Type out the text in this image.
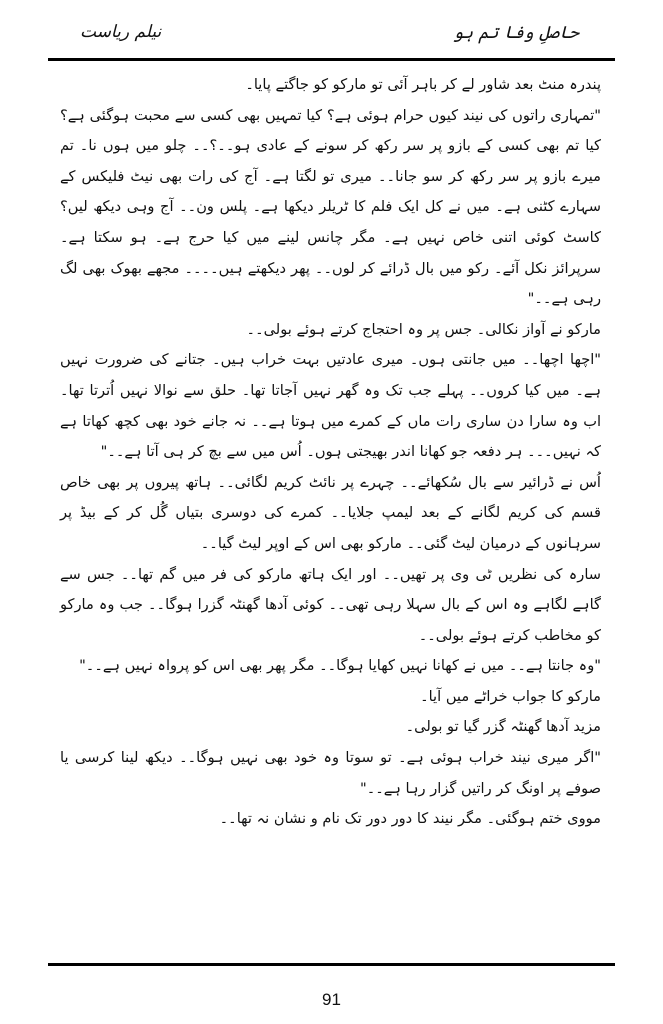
حاصلِ وفا تم ہو
نیلم ریاست

پندرہ منٹ بعد شاور لے کر باہر آئی تو مارکو کو جاگتے پایا۔

"تمہاری راتوں کی نیند کیوں حرام ہوئی ہے؟ کیا تمہیں بھی کسی سے محبت ہوگئی ہے؟ کیا تم بھی کسی کے بازو پر سر رکھ کر سونے کے عادی ہو۔۔؟۔۔ چلو میں ہوں نا۔ تم میرے بازو پر سر رکھ کر سو جانا۔۔ میری تو لگتا ہے۔ آج کی رات بھی نیٹ فلیکس کے سہارے کٹنی ہے۔ میں نے کل ایک فلم کا ٹریلر دیکھا ہے۔ پلس ون۔۔ آج وہی دیکھ لیں؟ کاسٹ کوئی اتنی خاص نہیں ہے۔ مگر چانس لینے میں کیا حرج ہے۔ ہو سکتا ہے۔ سرپرائز نکل آئے۔ رکو میں بال ڈرائے کر لوں۔۔ پھر دیکھتے ہیں۔۔۔۔ مجھے بھوک بھی لگ رہی ہے۔۔"

مارکو نے آواز نکالی۔ جس پر وہ احتجاج کرتے ہوئے بولی۔۔

"اچھا اچھا۔۔ میں جانتی ہوں۔ میری عادتیں بہت خراب ہیں۔ جتانے کی ضرورت نہیں ہے۔ میں کیا کروں۔۔ پہلے جب تک وہ گھر نہیں آجاتا تھا۔ حلق سے نوالا نہیں اُترتا تھا۔ اب وہ سارا دن ساری رات ماں کے کمرے میں ہوتا ہے۔۔ نہ جانے خود بھی کچھ کھاتا ہے کہ نہیں۔۔۔ ہر دفعہ جو کھانا اندر بھیجتی ہوں۔ اُس میں سے بچ کر ہی آتا ہے۔۔"

اُس نے ڈرائیر سے بال سُکھائے۔۔ چہرے پر نائٹ کریم لگائی۔۔ ہاتھ پیروں پر بھی خاص قسم کی کریم لگانے کے بعد لیمپ جلایا۔۔ کمرے کی دوسری بتیاں گُل کر کے بیڈ پر سرہانوں کے درمیان لیٹ گئی۔۔ مارکو بھی اس کے اوپر لیٹ گیا۔۔

سارہ کی نظریں ٹی وی پر تھیں۔۔ اور ایک ہاتھ مارکو کی فر میں گم تھا۔۔ جس سے گاہے لگاہے وہ اس کے بال سہلا رہی تھی۔۔ کوئی آدھا گھنٹہ گزرا ہوگا۔۔ جب وہ مارکو کو مخاطب کرتے ہوئے بولی۔۔

"وہ جانتا ہے۔۔ میں نے کھانا نہیں کھایا ہوگا۔۔ مگر پھر بھی اس کو پرواہ نہیں ہے۔۔"

مارکو کا جواب خراٹے میں آیا۔

مزید آدھا گھنٹہ گزر گیا تو بولی۔

"اگر میری نیند خراب ہوئی ہے۔ تو سوتا وہ خود بھی نہیں ہوگا۔۔ دیکھ لینا کرسی یا صوفے پر اونگ کر راتیں گزار رہا ہے۔۔"

مووی ختم ہوگئی۔ مگر نیند کا دور دور تک نام و نشان نہ تھا۔۔

91
